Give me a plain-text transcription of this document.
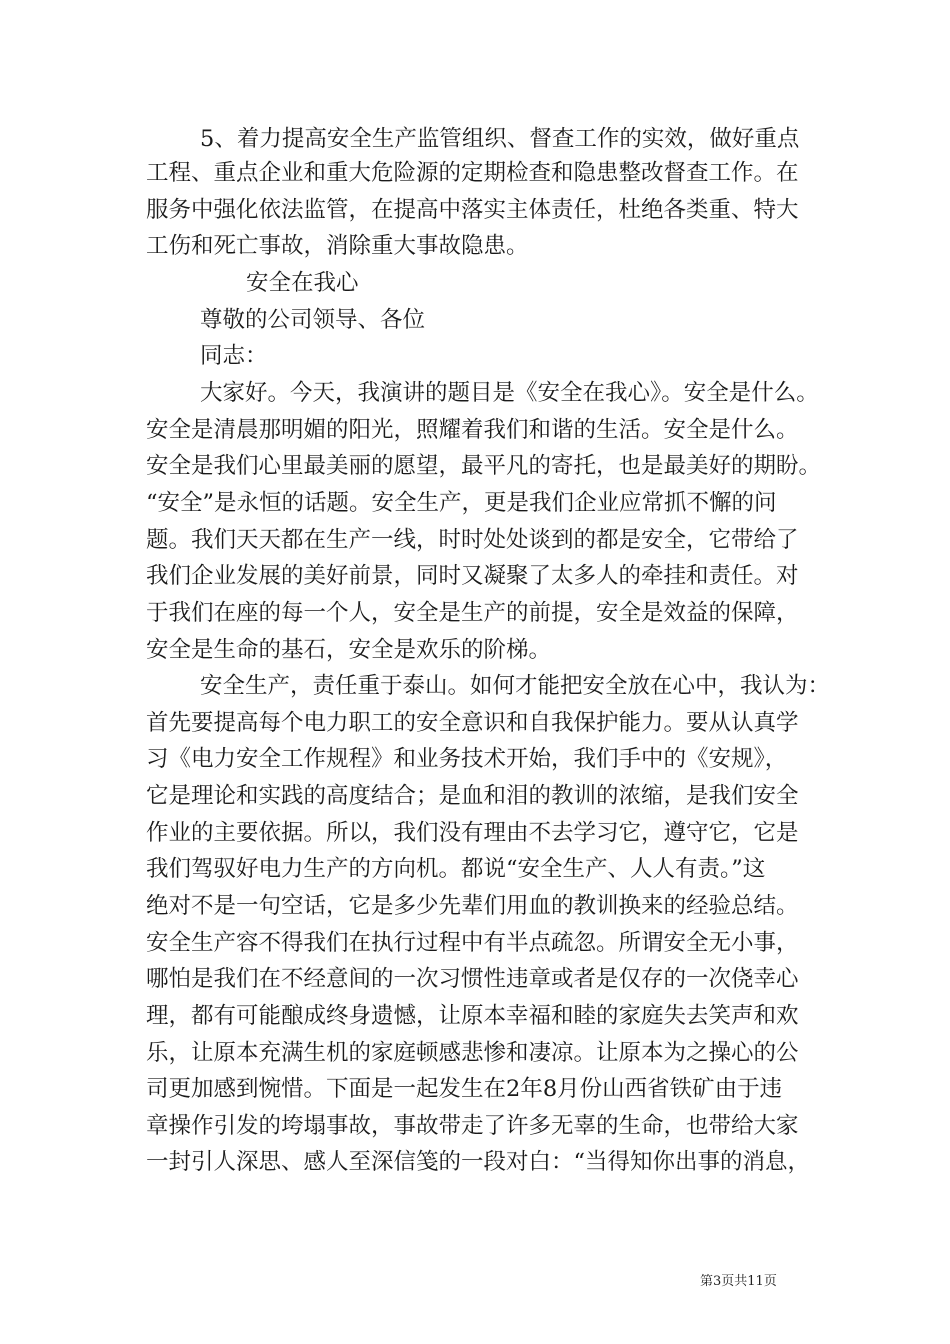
5、着力提高安全生产监管组织、督查工作的实效，做好重点
工程、重点企业和重大危险源的定期检查和隐患整改督查工作。在
服务中强化依法监管，在提高中落实主体责任，杜绝各类重、特大
工伤和死亡事故，消除重大事故隐患。
安全在我心
尊敬的公司领导、各位
同志：
大家好。今天，我演讲的题目是《安全在我心》。安全是什么。
安全是清晨那明媚的阳光，照耀着我们和谐的生活。安全是什么。
安全是我们心里最美丽的愿望，最平凡的寄托，也是最美好的期盼。
“安全”是永恒的话题。安全生产，更是我们企业应常抓不懈的问
题。我们天天都在生产一线，时时处处谈到的都是安全，它带给了
我们企业发展的美好前景，同时又凝聚了太多人的牵挂和责任。对
于我们在座的每一个人，安全是生产的前提，安全是效益的保障，
安全是生命的基石，安全是欢乐的阶梯。
安全生产，责任重于泰山。如何才能把安全放在心中，我认为：
首先要提高每个电力职工的安全意识和自我保护能力。要从认真学
习《电力安全工作规程》和业务技术开始，我们手中的《安规》，
它是理论和实践的高度结合；是血和泪的教训的浓缩，是我们安全
作业的主要依据。所以，我们没有理由不去学习它，遵守它，它是
我们驾驭好电力生产的方向机。都说“安全生产、人人有责。”这
绝对不是一句空话，它是多少先辈们用血的教训换来的经验总结。
安全生产容不得我们在执行过程中有半点疏忽。所谓安全无小事，
哪怕是我们在不经意间的一次习惯性违章或者是仅存的一次侥幸心
理，都有可能酿成终身遗憾，让原本幸福和睦的家庭失去笑声和欢
乐，让原本充满生机的家庭顿感悲惨和凄凉。让原本为之操心的公
司更加感到惋惜。下面是一起发生在2年8月份山西省铁矿由于违
章操作引发的垮塌事故，事故带走了许多无辜的生命，也带给大家
一封引人深思、感人至深信笺的一段对白：“当得知你出事的消息，
第3页共11页
